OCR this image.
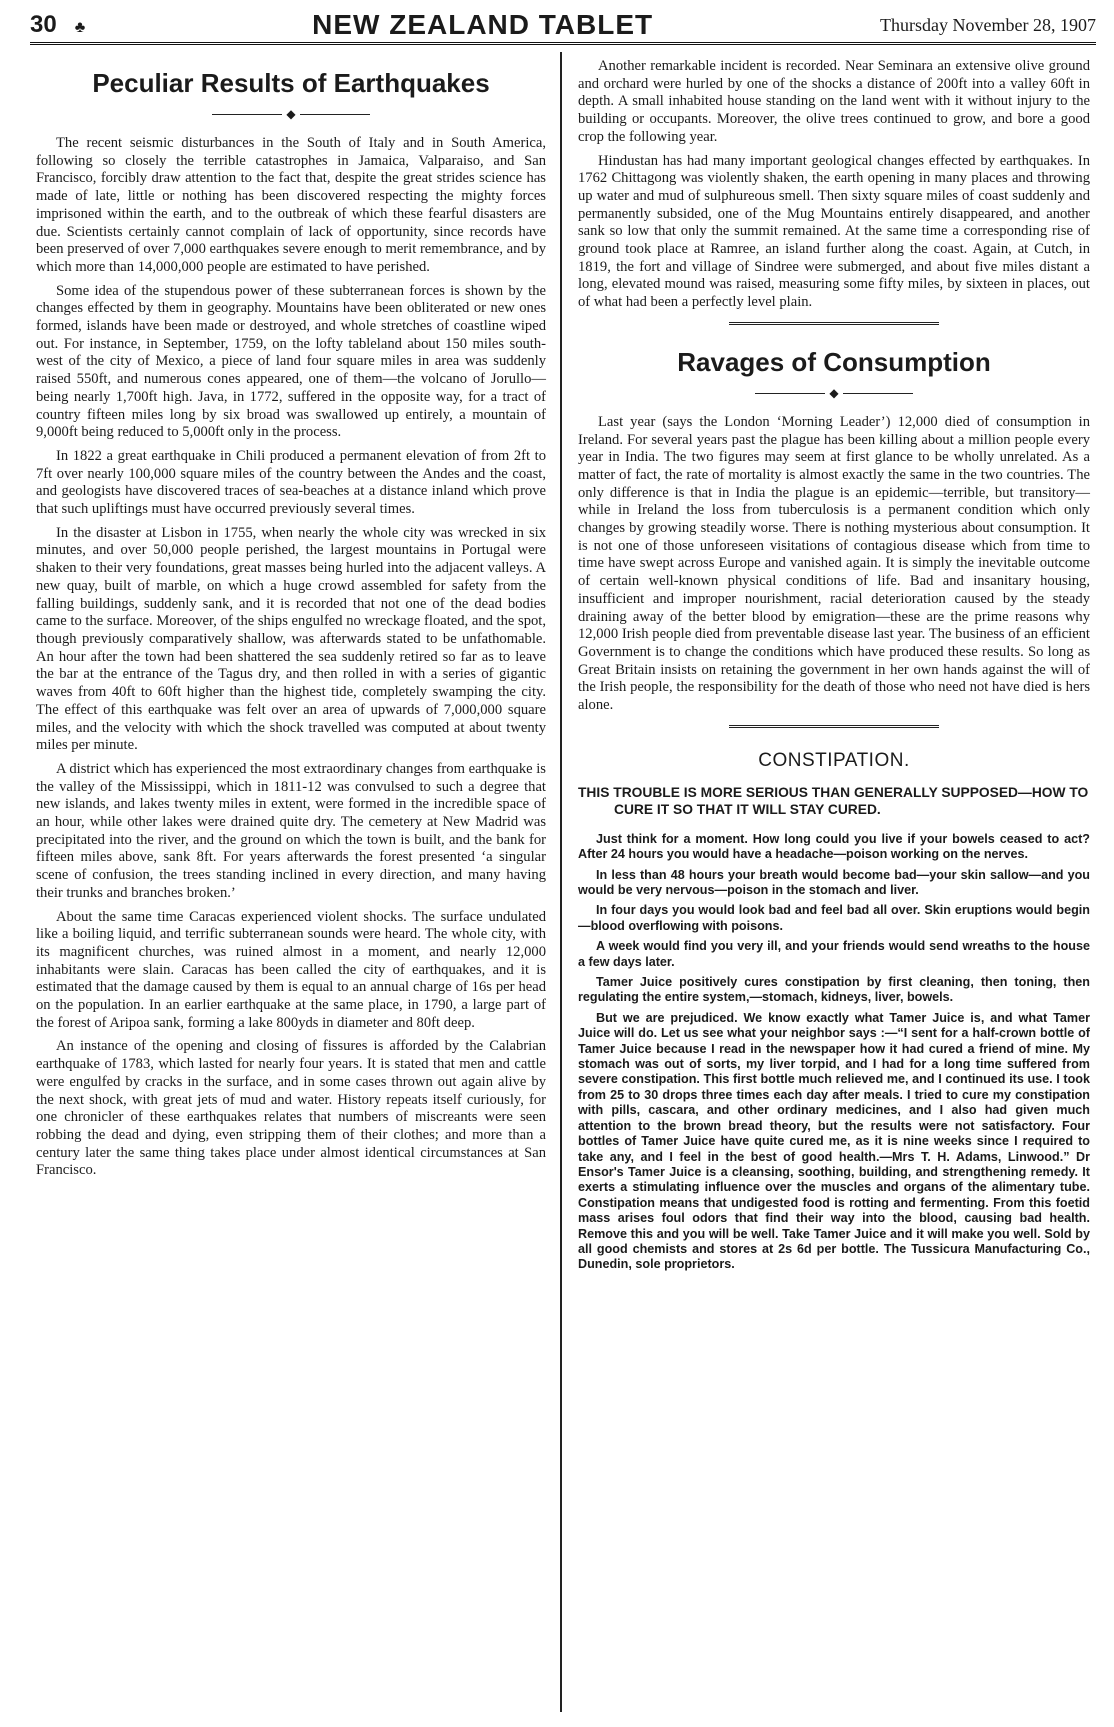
30 ♣	NEW ZEALAND TABLET	Thursday November 28, 1907
Peculiar Results of Earthquakes
◆

The recent seismic disturbances in the South of Italy and in South America, following so closely the terrible catastrophes in Jamaica, Valparaiso, and San Francisco, forcibly draw attention to the fact that, despite the great strides science has made of late, little or nothing has been discovered respecting the mighty forces imprisoned within the earth, and to the outbreak of which these fearful disasters are due. Scientists certainly cannot complain of lack of opportunity, since records have been preserved of over 7,000 earthquakes severe enough to merit remembrance, and by which more than 14,000,000 people are estimated to have perished.

Some idea of the stupendous power of these subterranean forces is shown by the changes effected by them in geography. Mountains have been obliterated or new ones formed, islands have been made or destroyed, and whole stretches of coastline wiped out. For instance, in September, 1759, on the lofty tableland about 150 miles south-west of the city of Mexico, a piece of land four square miles in area was suddenly raised 550ft, and numerous cones appeared, one of them—the volcano of Jorullo—being nearly 1,700ft high. Java, in 1772, suffered in the opposite way, for a tract of country fifteen miles long by six broad was swallowed up entirely, a mountain of 9,000ft being reduced to 5,000ft only in the process.

In 1822 a great earthquake in Chili produced a permanent elevation of from 2ft to 7ft over nearly 100,000 square miles of the country between the Andes and the coast, and geologists have discovered traces of sea-beaches at a distance inland which prove that such upliftings must have occurred previously several times.

In the disaster at Lisbon in 1755, when nearly the whole city was wrecked in six minutes, and over 50,000 people perished, the largest mountains in Portugal were shaken to their very foundations, great masses being hurled into the adjacent valleys. A new quay, built of marble, on which a huge crowd assembled for safety from the falling buildings, suddenly sank, and it is recorded that not one of the dead bodies came to the surface. Moreover, of the ships engulfed no wreckage floated, and the spot, though previously comparatively shallow, was afterwards stated to be unfathomable. An hour after the town had been shattered the sea suddenly retired so far as to leave the bar at the entrance of the Tagus dry, and then rolled in with a series of gigantic waves from 40ft to 60ft higher than the highest tide, completely swamping the city. The effect of this earthquake was felt over an area of upwards of 7,000,000 square miles, and the velocity with which the shock travelled was computed at about twenty miles per minute.

A district which has experienced the most extraordinary changes from earthquake is the valley of the Mississippi, which in 1811-12 was convulsed to such a degree that new islands, and lakes twenty miles in extent, were formed in the incredible space of an hour, while other lakes were drained quite dry. The cemetery at New Madrid was precipitated into the river, and the ground on which the town is built, and the bank for fifteen miles above, sank 8ft. For years afterwards the forest presented ‘a singular scene of confusion, the trees standing inclined in every direction, and many having their trunks and branches broken.’

About the same time Caracas experienced violent shocks. The surface undulated like a boiling liquid, and terrific subterranean sounds were heard. The whole city, with its magnificent churches, was ruined almost in a moment, and nearly 12,000 inhabitants were slain. Caracas has been called the city of earthquakes, and it is estimated that the damage caused by them is equal to an annual charge of 16s per head on the population. In an earlier earthquake at the same place, in 1790, a large part of the forest of Aripoa sank, forming a lake 800yds in diameter and 80ft deep.

An instance of the opening and closing of fissures is afforded by the Calabrian earthquake of 1783, which lasted for nearly four years. It is stated that men and cattle were engulfed by cracks in the surface, and in some cases thrown out again alive by the next shock, with great jets of mud and water. History repeats itself curiously, for one chronicler of these earthquakes relates that numbers of miscreants were seen robbing the dead and dying, even stripping them of their clothes; and more than a century later the same thing takes place under almost identical circumstances at San Francisco.

Another remarkable incident is recorded. Near Seminara an extensive olive ground and orchard were hurled by one of the shocks a distance of 200ft into a valley 60ft in depth. A small inhabited house standing on the land went with it without injury to the building or occupants. Moreover, the olive trees continued to grow, and bore a good crop the following year.

Hindustan has had many important geological changes effected by earthquakes. In 1762 Chittagong was violently shaken, the earth opening in many places and throwing up water and mud of sulphureous smell. Then sixty square miles of coast suddenly and permanently subsided, one of the Mug Mountains entirely disappeared, and another sank so low that only the summit remained. At the same time a corresponding rise of ground took place at Ramree, an island further along the coast. Again, at Cutch, in 1819, the fort and village of Sindree were submerged, and about five miles distant a long, elevated mound was raised, measuring some fifty miles, by sixteen in places, out of what had been a perfectly level plain.

Ravages of Consumption
◆

Last year (says the London ‘Morning Leader’) 12,000 died of consumption in Ireland. For several years past the plague has been killing about a million people every year in India. The two figures may seem at first glance to be wholly unrelated. As a matter of fact, the rate of mortality is almost exactly the same in the two countries. The only difference is that in India the plague is an epidemic—terrible, but transitory—while in Ireland the loss from tuberculosis is a permanent condition which only changes by growing steadily worse. There is nothing mysterious about consumption. It is not one of those unforeseen visitations of contagious disease which from time to time have swept across Europe and vanished again. It is simply the inevitable outcome of certain well-known physical conditions of life. Bad and insanitary housing, insufficient and improper nourishment, racial deterioration caused by the steady draining away of the better blood by emigration—these are the prime reasons why 12,000 Irish people died from preventable disease last year. The business of an efficient Government is to change the conditions which have produced these results. So long as Great Britain insists on retaining the government in her own hands against the will of the Irish people, the responsibility for the death of those who need not have died is hers alone.

CONSTIPATION.
THIS TROUBLE IS MORE SERIOUS THAN GENERALLY SUPPOSED—HOW TO CURE IT SO THAT IT WILL STAY CURED.

Just think for a moment. How long could you live if your bowels ceased to act? After 24 hours you would have a headache—poison working on the nerves.

In less than 48 hours your breath would become bad—your skin sallow—and you would be very nervous—poison in the stomach and liver.

In four days you would look bad and feel bad all over. Skin eruptions would begin—blood overflowing with poisons.

A week would find you very ill, and your friends would send wreaths to the house a few days later.

Tamer Juice positively cures constipation by first cleaning, then toning, then regulating the entire system,—stomach, kidneys, liver, bowels.

But we are prejudiced. We know exactly what Tamer Juice is, and what Tamer Juice will do. Let us see what your neighbor says :—“I sent for a half-crown bottle of Tamer Juice because I read in the newspaper how it had cured a friend of mine. My stomach was out of sorts, my liver torpid, and I had for a long time suffered from severe constipation. This first bottle much relieved me, and I continued its use. I took from 25 to 30 drops three times each day after meals. I tried to cure my constipation with pills, cascara, and other ordinary medicines, and I also had given much attention to the brown bread theory, but the results were not satisfactory. Four bottles of Tamer Juice have quite cured me, as it is nine weeks since I required to take any, and I feel in the best of good health.—Mrs T. H. Adams, Linwood.” Dr Ensor's Tamer Juice is a cleansing, soothing, building, and strengthening remedy. It exerts a stimulating influence over the muscles and organs of the alimentary tube. Constipation means that undigested food is rotting and fermenting. From this foetid mass arises foul odors that find their way into the blood, causing bad health. Remove this and you will be well. Take Tamer Juice and it will make you well. Sold by all good chemists and stores at 2s 6d per bottle. The Tussicura Manufacturing Co., Dunedin, sole proprietors.
